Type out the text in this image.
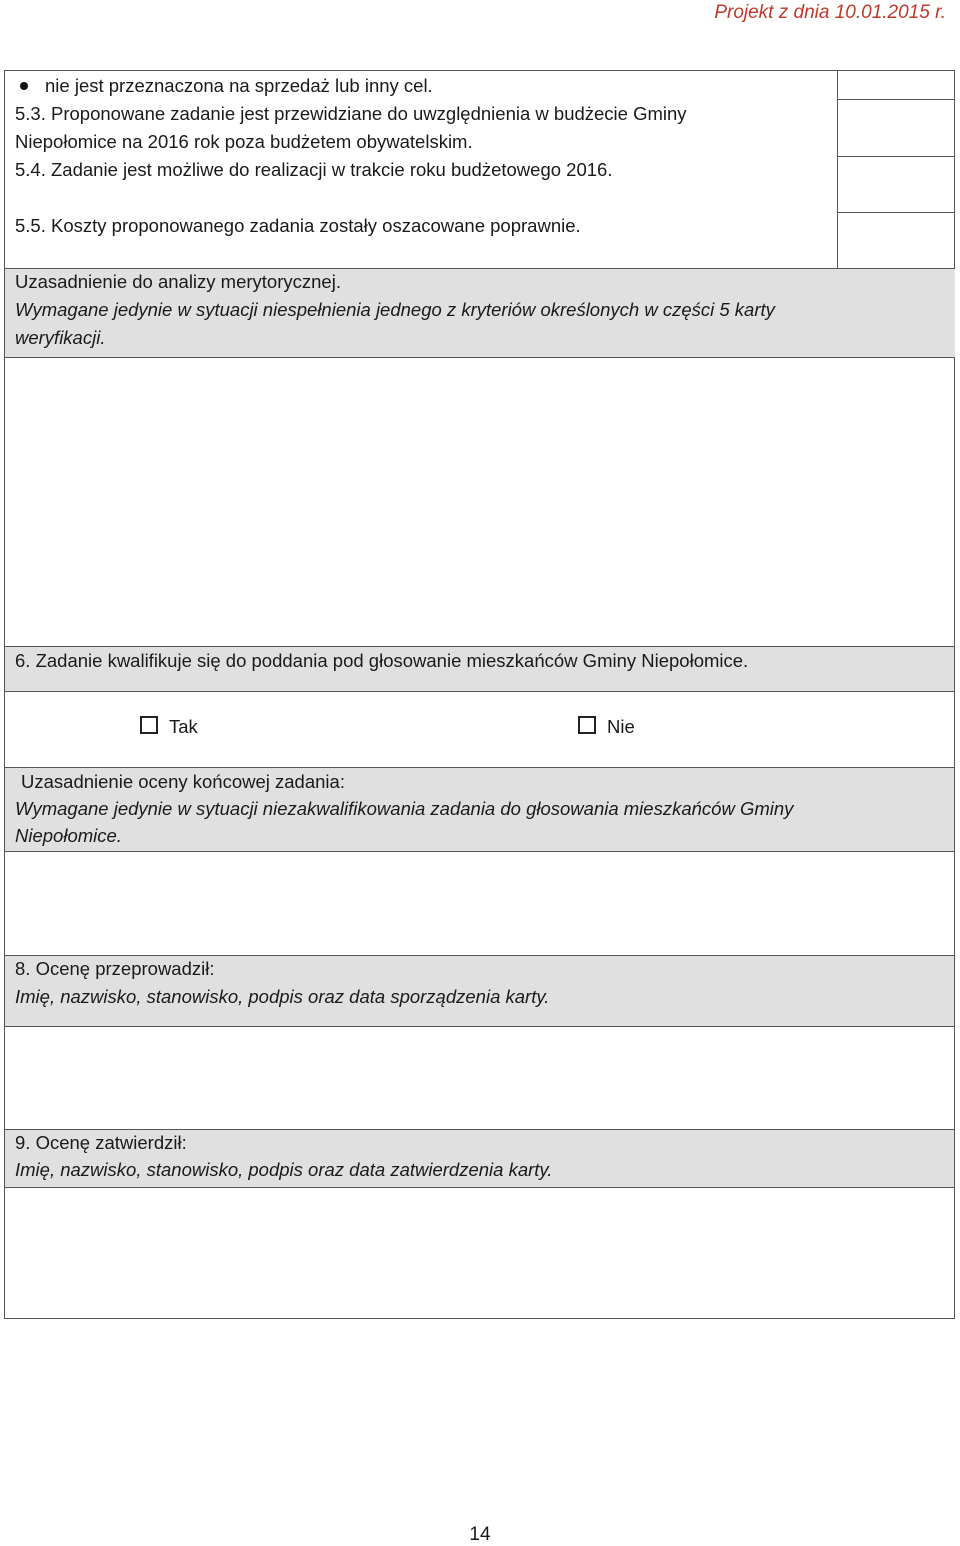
Projekt z dnia 10.01.2015 r.
nie jest przeznaczona na sprzedaż lub inny cel.
5.3. Proponowane zadanie jest przewidziane do uwzględnienia w budżecie Gminy
Niepołomice na 2016 rok poza budżetem obywatelskim.
5.4. Zadanie jest możliwe do realizacji w trakcie roku budżetowego 2016.
5.5. Koszty proponowanego zadania zostały oszacowane poprawnie.
Uzasadnienie do analizy merytorycznej.
Wymagane jedynie w sytuacji niespełnienia jednego z kryteriów określonych w części 5 karty
weryfikacji.
6. Zadanie kwalifikuje się do poddania pod głosowanie mieszkańców Gminy Niepołomice.
Tak	Nie
Uzasadnienie oceny końcowej zadania:
Wymagane jedynie w sytuacji niezakwalifikowania zadania do głosowania mieszkańców Gminy
Niepołomice.
8. Ocenę przeprowadził:
Imię, nazwisko, stanowisko, podpis oraz data sporządzenia karty.
9. Ocenę zatwierdził:
Imię, nazwisko, stanowisko, podpis oraz data zatwierdzenia karty.
14
